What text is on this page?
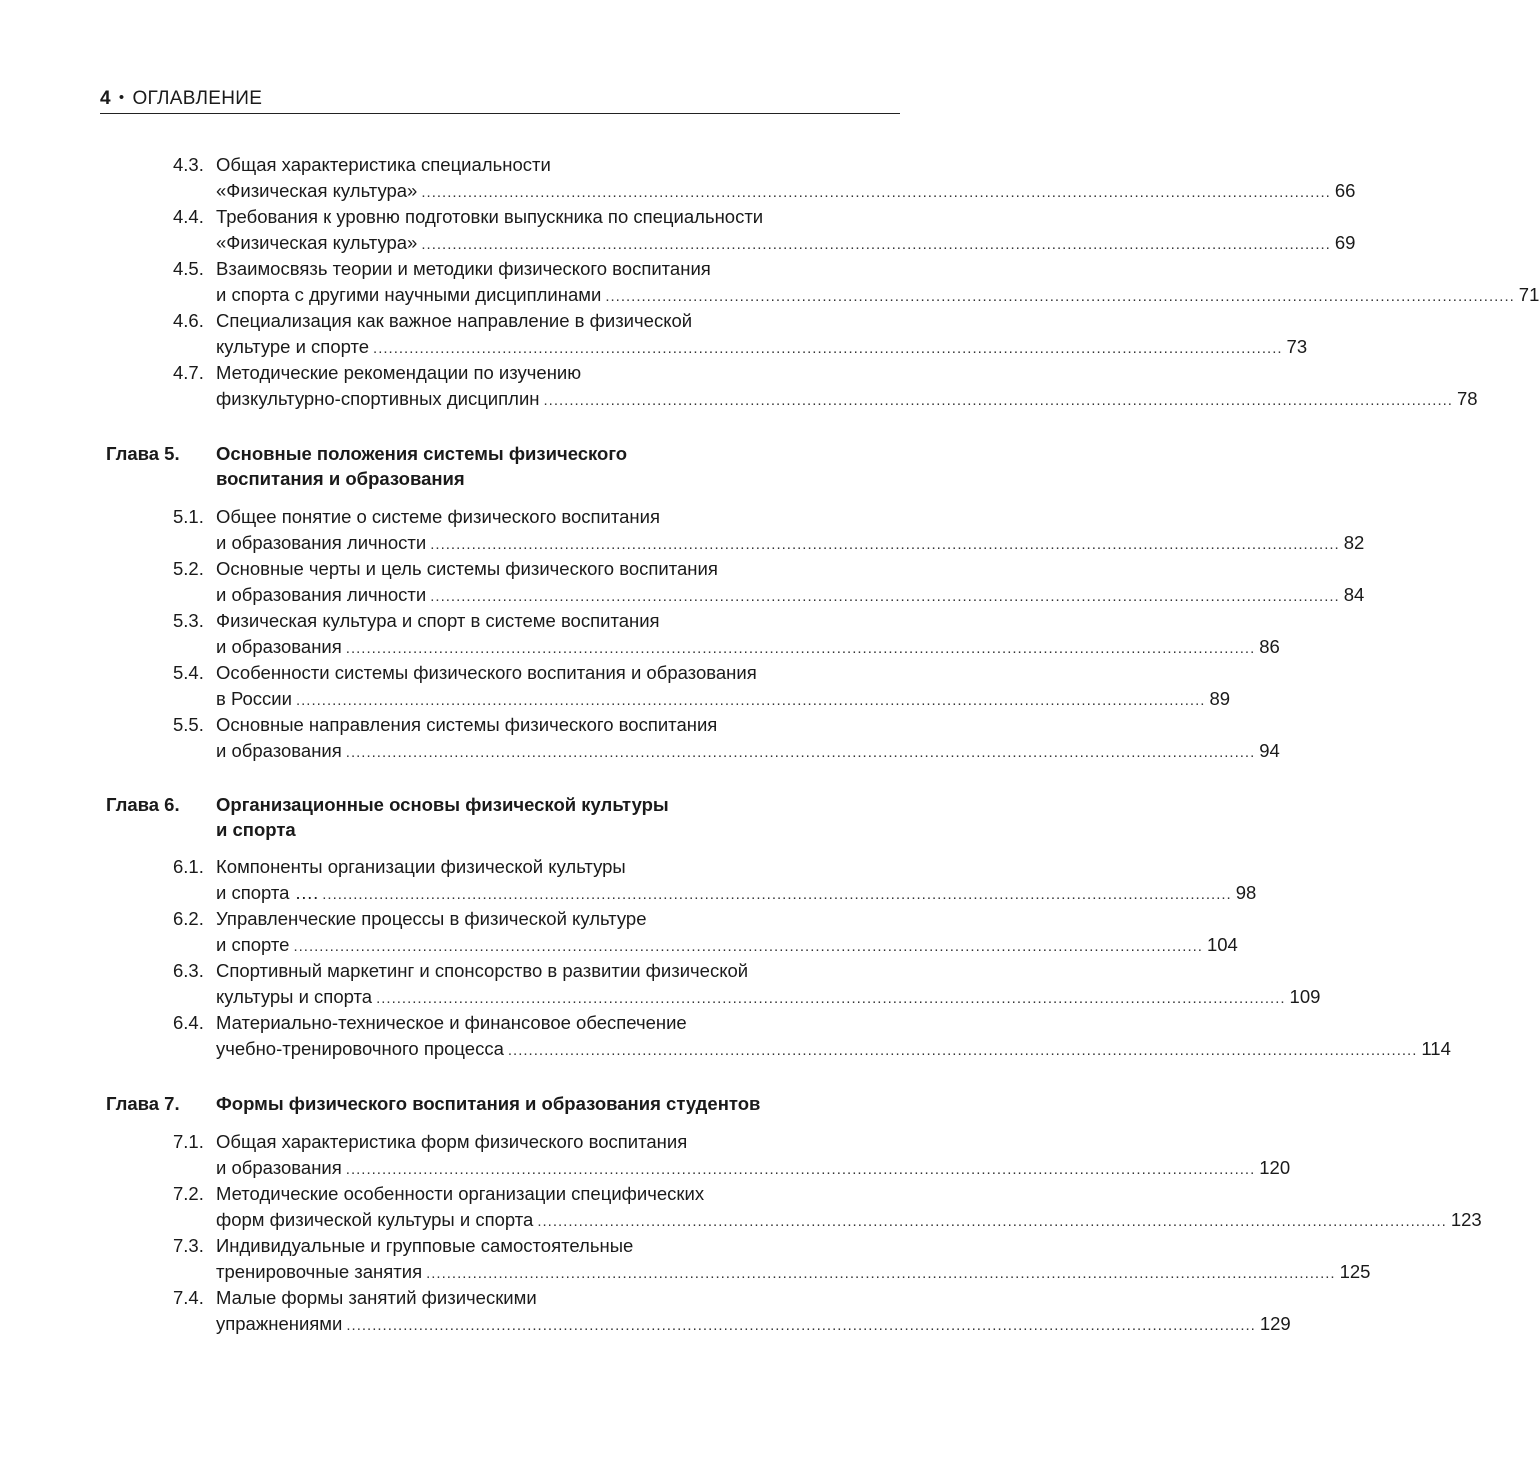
4 • ОГЛАВЛЕНИЕ
4.3. Общая характеристика специальности
«Физическая культура» ................................................................................................................................................................................ 66
4.4. Требования к уровню подготовки выпускника по специальности
«Физическая культура» ................................................................................................................................................................................ 69
4.5. Взаимосвязь теории и методики физического воспитания
и спорта с другими научными дисциплинами ................................................................................................................................................................................ 71
4.6. Специализация как важное направление в физической
культуре и спорте ................................................................................................................................................................................ 73
4.7. Методические рекомендации по изучению
физкультурно-спортивных дисциплин ................................................................................................................................................................................ 78
Глава 5. Основные положения системы физического
воспитания и образования
5.1. Общее понятие о системе физического воспитания
и образования личности ................................................................................................................................................................................ 82
5.2. Основные черты и цель системы физического воспитания
и образования личности ................................................................................................................................................................................ 84
5.3. Физическая культура и спорт в системе воспитания
и образования ................................................................................................................................................................................ 86
5.4. Особенности системы физического воспитания и образования
в России ................................................................................................................................................................................ 89
5.5. Основные направления системы физического воспитания
и образования ................................................................................................................................................................................ 94
Глава 6. Организационные основы физической культуры
и спорта
6.1. Компоненты организации физической культуры
и спорта …. ................................................................................................................................................................................ 98
6.2. Управленческие процессы в физической культуре
и спорте ................................................................................................................................................................................ 104
6.3. Спортивный маркетинг и спонсорство в развитии физической
культуры и спорта ................................................................................................................................................................................ 109
6.4. Материально-техническое и финансовое обеспечение
учебно-тренировочного процесса ................................................................................................................................................................................ 114
Глава 7. Формы физического воспитания и образования студентов
7.1. Общая характеристика форм физического воспитания
и образования ................................................................................................................................................................................ 120
7.2. Методические особенности организации специфических
форм физической культуры и спорта ................................................................................................................................................................................ 123
7.3. Индивидуальные и групповые самостоятельные
тренировочные занятия ................................................................................................................................................................................ 125
7.4. Малые формы занятий физическими
упражнениями ................................................................................................................................................................................ 129
